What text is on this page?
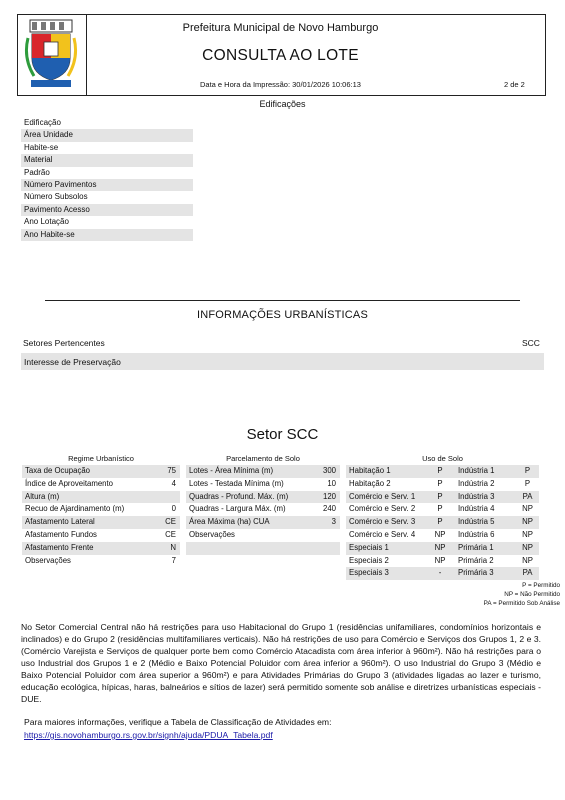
Prefeitura Municipal de Novo Hamburgo
CONSULTA AO LOTE
Data e Hora da Impressão: 30/01/2026 10:06:13	2 de 2
Edificações
Edificação
Área Unidade
Habite-se
Material
Padrão
Número Pavimentos
Número Subsolos
Pavimento Acesso
Ano Lotação
Ano Habite-se
INFORMAÇÕES URBANÍSTICAS
Setores Pertencentes	SCC
Interesse de Preservação
Setor SCC
Regime Urbanístico
Taxa de Ocupação	75
Índice de Aproveitamento	4
Altura (m)
Recuo de Ajardinamento (m)	0
Afastamento Lateral	CE
Afastamento Fundos	CE
Afastamento Frente	N
Observações	7
Parcelamento de Solo
Lotes - Área Mínima (m)	300
Lotes - Testada Mínima (m)	10
Quadras - Profund. Máx. (m)	120
Quadras - Largura Máx. (m)	240
Área Máxima (ha) CUA	3
Observações
Uso de Solo
Habitação 1	P	Indústria 1	P
Habitação 2	P	Indústria 2	P
Comércio e Serv. 1	P	Indústria 3	PA
Comércio e Serv. 2	P	Indústria 4	NP
Comércio e Serv. 3	P	Indústria 5	NP
Comércio e Serv. 4	NP	Indústria 6	NP
Especiais 1	NP	Primária 1	NP
Especiais 2	NP	Primária 2	NP
Especiais 3	-	Primária 3	PA
P = Permitido
NP = Não Permitido
PA = Permitido Sob Análise
No Setor Comercial Central não há restrições para uso Habitacional do Grupo 1 (residências unifamiliares, condomínios horizontais e inclinados) e do Grupo 2 (residências multifamiliares verticais). Não há restrições de uso para Comércio e Serviços dos Grupos 1, 2 e 3. (Comércio Varejista e Serviços de qualquer porte bem como Comércio Atacadista com área inferior à 960m²). Não há restrições para o uso Industrial dos Grupos 1 e 2 (Médio e Baixo Potencial Poluidor com área inferior a 960m²). O uso Industrial do Grupo 3 (Médio e Baixo Potencial Poluidor com área superior a 960m²) e para Atividades Primárias do Grupo 3 (atividades ligadas ao lazer e turismo, educação ecológica, hípicas, haras, balneários e sítios de lazer) será permitido somente sob análise e diretrizes urbanísticas especiais - DUE.
Para maiores informações, verifique a Tabela de Classificação de Atividades em:
https://gis.novohamburgo.rs.gov.br/signh/ajuda/PDUA_Tabela.pdf
